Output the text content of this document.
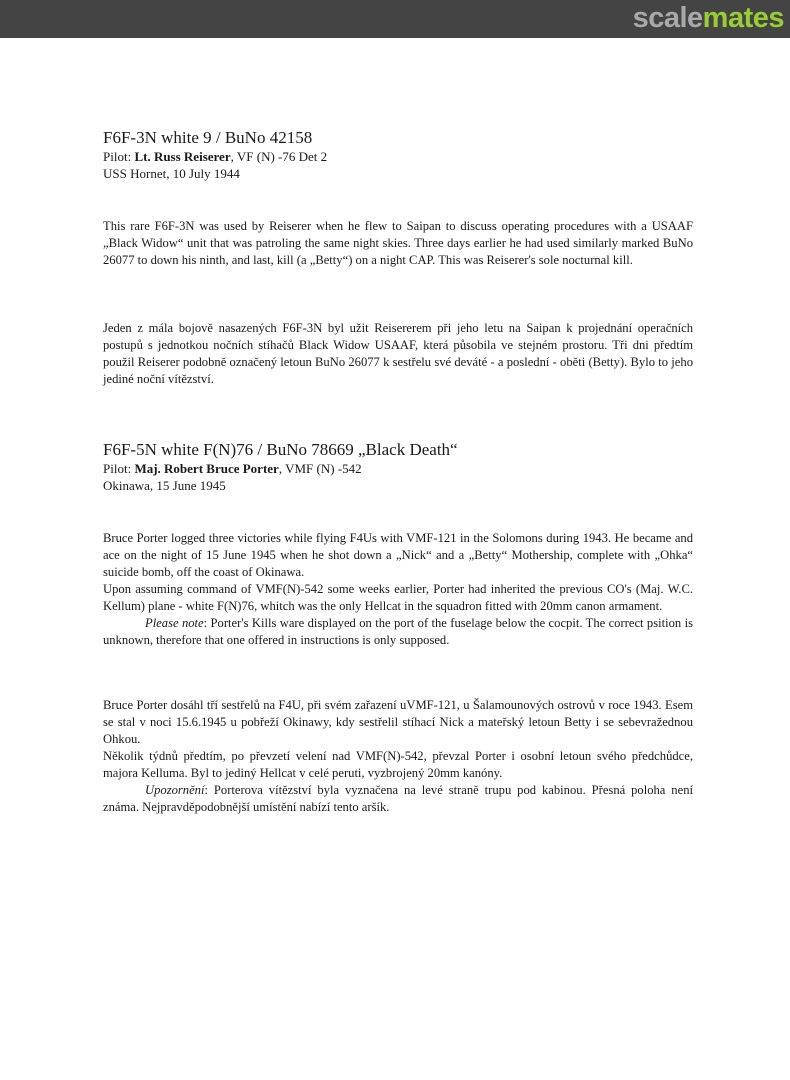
scalemates

F6F-3N white 9 / BuNo 42158

Pilot: Lt. Russ Reiserer, VF (N) -76 Det 2

USS Hornet, 10 July 1944

This rare F6F-3N was used by Reiserer when he flew to Saipan to discuss operating procedures with a USAAF „Black Widow“ unit that was patroling the same night skies. Three days earlier he had used similarly marked BuNo 26077 to down his ninth, and last, kill (a „Betty“) on a night CAP. This was Reiserer's sole nocturnal kill.

Jeden z mála bojově nasazených F6F-3N byl užit Reisererem při jeho letu na Saipan k projednání operačních postupů s jednotkou nočních stíhačů Black Widow USAAF, která působila ve stejném prostoru. Tři dni předtím použil Reiserer podobně označený letoun BuNo 26077 k sestřelu své deváté - a poslední - oběti (Betty). Bylo to jeho jediné noční vítězství.

F6F-5N white F(N)76 / BuNo 78669 „Black Death“

Pilot: Maj. Robert Bruce Porter, VMF (N) -542

Okinawa, 15 June 1945

Bruce Porter logged three victories while flying F4Us with VMF-121 in the Solomons during 1943. He became and ace on the night of 15 June 1945 when he shot down a „Nick“ and a „Betty“ Mothership, complete with „Ohka“ suicide bomb, off the coast of Okinawa.

Upon assuming command of VMF(N)-542 some weeks earlier, Porter had inherited the previous CO's (Maj. W.C. Kellum) plane - white F(N)76, whitch was the only Hellcat in the squadron fitted with 20mm canon armament.

Please note: Porter's Kills ware displayed on the port of the fuselage below the cocpit. The correct psition is unknown, therefore that one offered in instructions is only supposed.

Bruce Porter dosáhl tří sestřelů na F4U, při svém zařazení uVMF-121, u Šalamounových ostrovů v roce 1943. Esem se stal v noci 15.6.1945 u pobřeží Okinawy, kdy sestřelil stíhací Nick a mateřský letoun Betty i se sebevražednou Ohkou.

Několik týdnů předtím, po převzetí velení nad VMF(N)-542, převzal Porter i osobní letoun svého předchůdce, majora Kelluma. Byl to jediný Hellcat v celé peruti, vyzbrojený 20mm kanóny.

Upozornění: Porterova vítězství byla vyznačena na levé straně trupu pod kabinou. Přesná poloha není známa. Nejpravděpodobnější umístění nabízí tento aršík.
